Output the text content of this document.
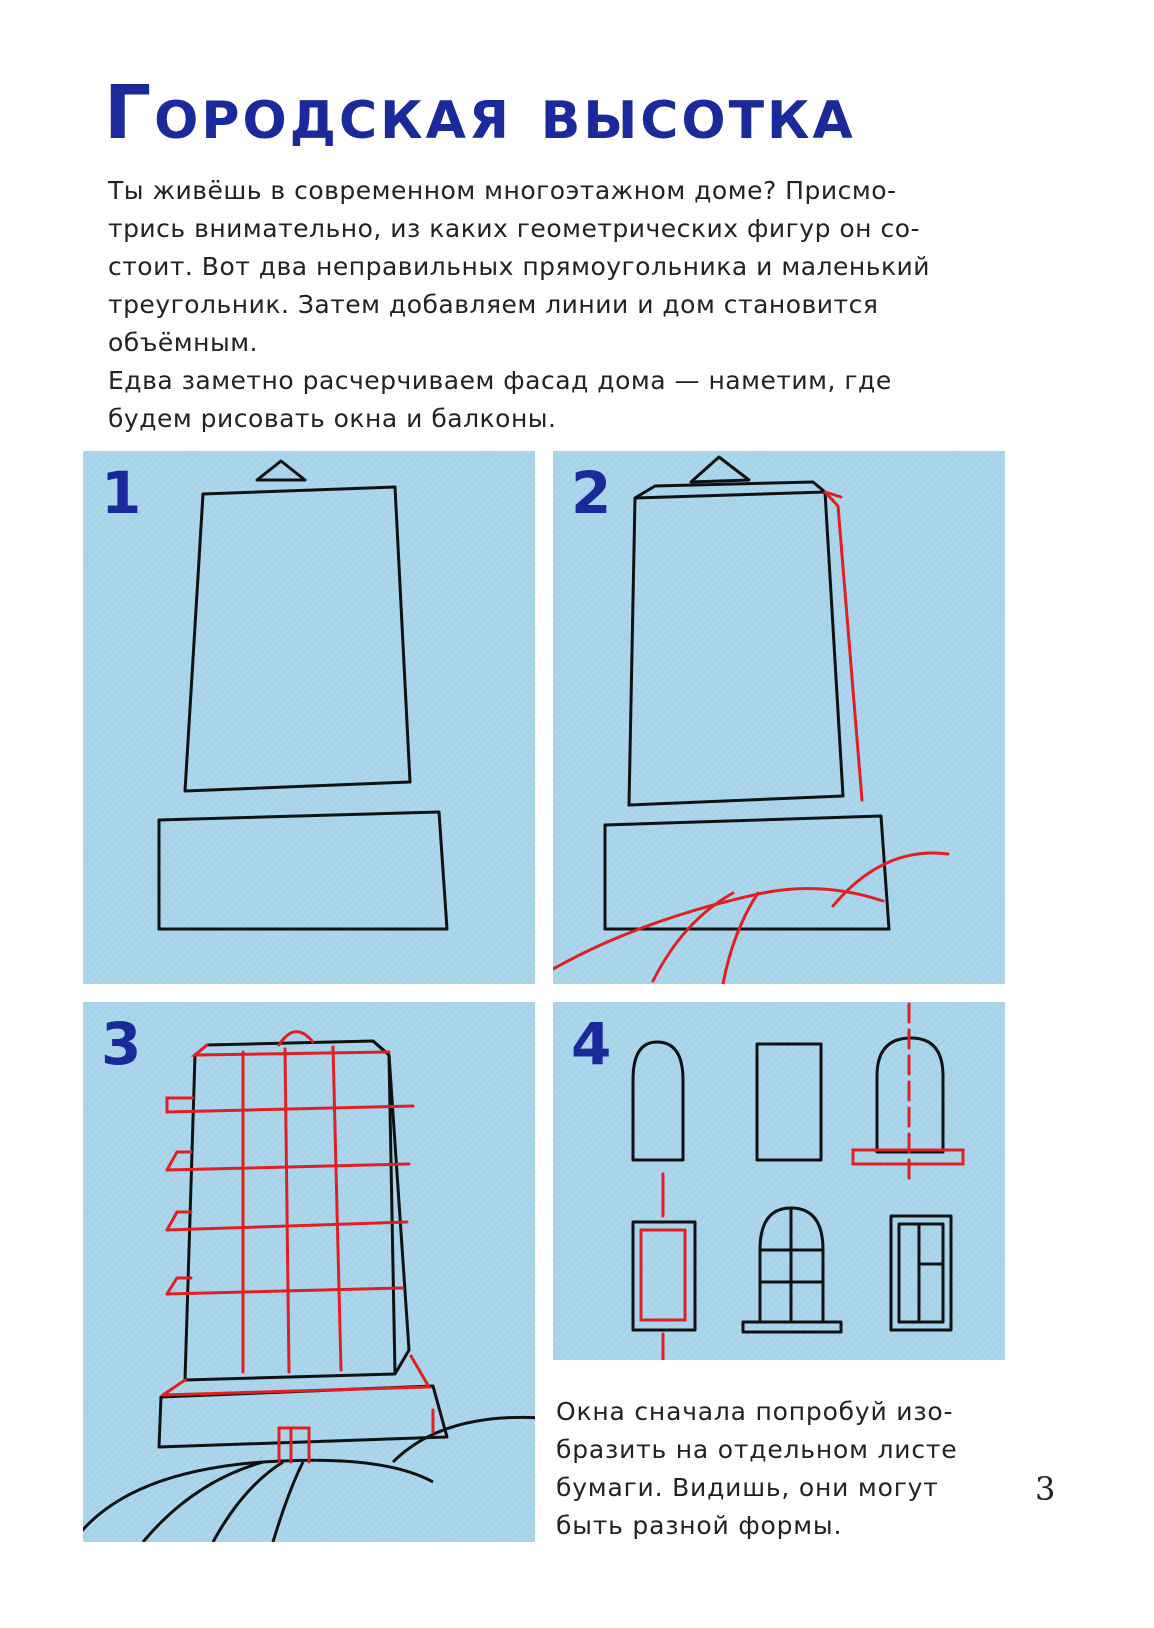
Городская высотка

Ты живёшь в современном многоэтажном доме? Присмо-

трись внимательно, из каких геометрических фигур он со-

стоит. Вот два неправильных прямоугольника и маленький

треугольник. Затем добавляем линии и дом становится

объёмным.

Едва заметно расчерчиваем фасад дома — наметим, где

будем рисовать окна и балконы.

1	2
3	4
Окна сначала попробуй изо-
бразить на отдельном листе
бумаги. Видишь, они могут
быть разной формы.
3
